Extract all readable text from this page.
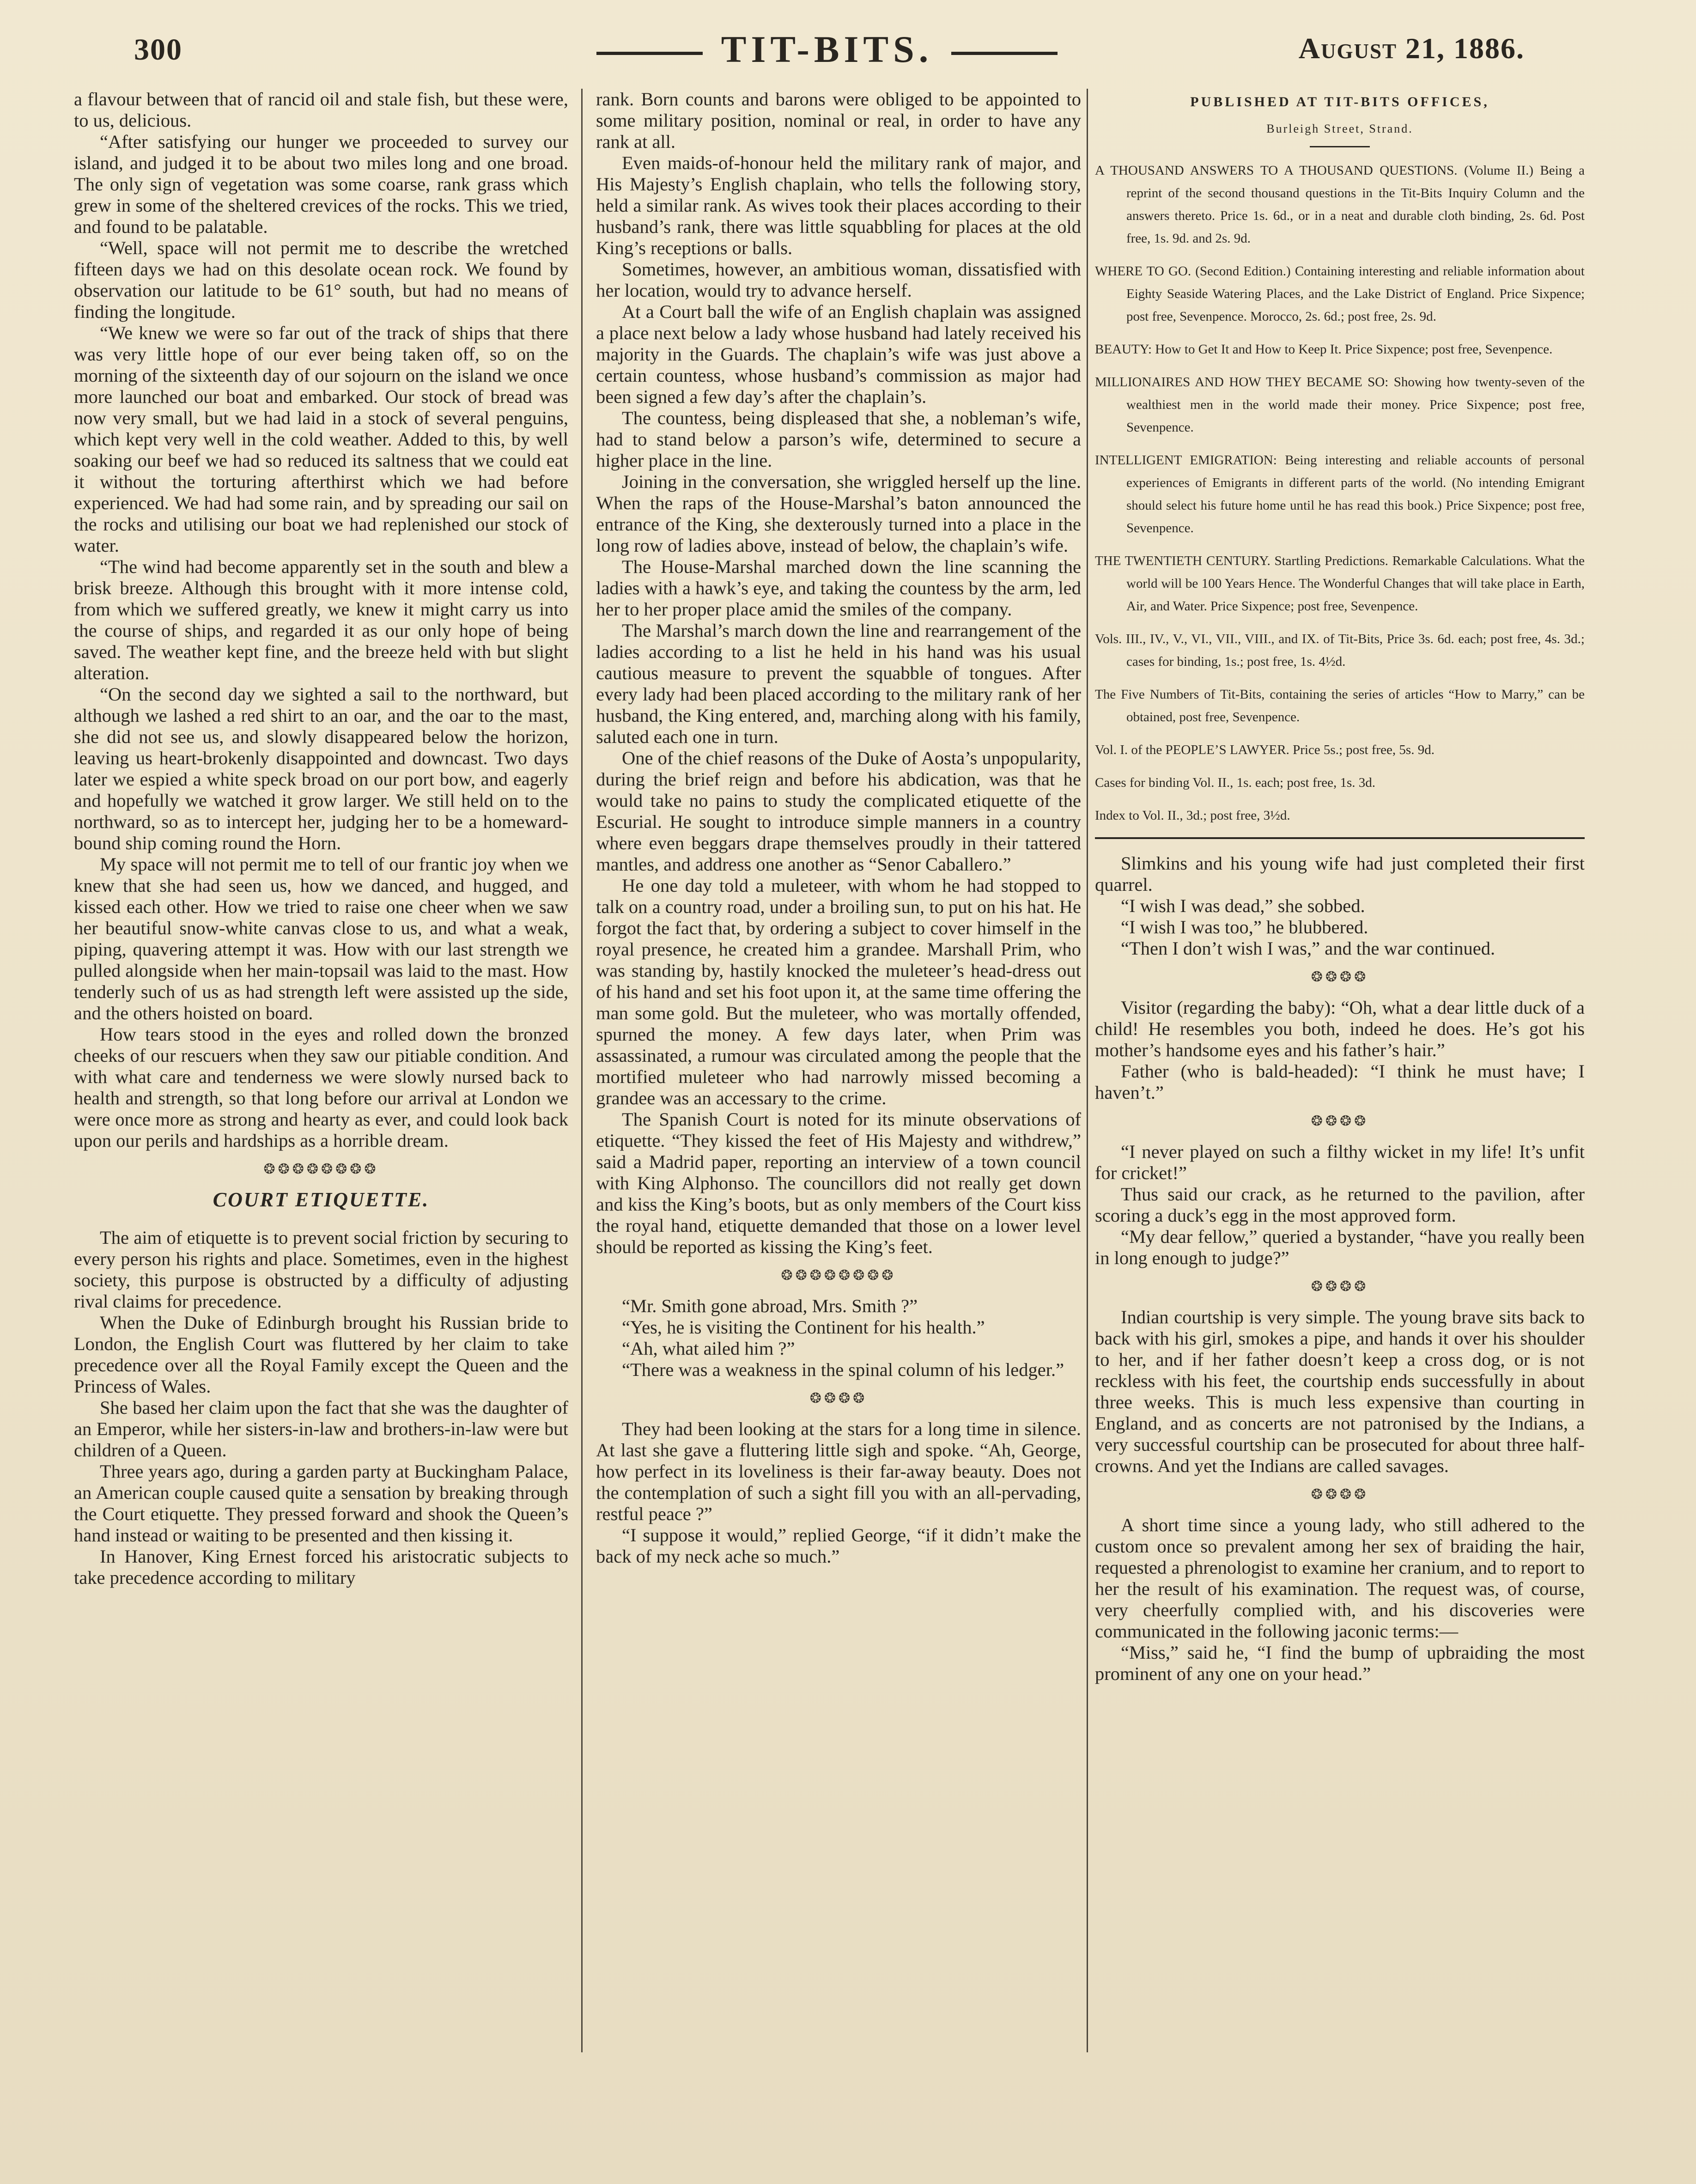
300	TIT-BITS.	August 21, 1886.

a flavour between that of rancid oil and stale fish, but these were, to us, delicious.

“After satisfying our hunger we proceeded to survey our island, and judged it to be about two miles long and one broad. The only sign of vegetation was some coarse, rank grass which grew in some of the sheltered crevices of the rocks. This we tried, and found to be palatable.

“Well, space will not permit me to describe the wretched fifteen days we had on this desolate ocean rock. We found by observation our latitude to be 61° south, but had no means of finding the longitude.

“We knew we were so far out of the track of ships that there was very little hope of our ever being taken off, so on the morning of the sixteenth day of our sojourn on the island we once more launched our boat and embarked. Our stock of bread was now very small, but we had laid in a stock of several penguins, which kept very well in the cold weather. Added to this, by well soaking our beef we had so reduced its saltness that we could eat it without the torturing afterthirst which we had before experienced. We had had some rain, and by spreading our sail on the rocks and utilising our boat we had replenished our stock of water.

“The wind had become apparently set in the south and blew a brisk breeze. Although this brought with it more intense cold, from which we suffered greatly, we knew it might carry us into the course of ships, and regarded it as our only hope of being saved. The weather kept fine, and the breeze held with but slight alteration.

“On the second day we sighted a sail to the northward, but although we lashed a red shirt to an oar, and the oar to the mast, she did not see us, and slowly disappeared below the horizon, leaving us heart-brokenly disappointed and downcast. Two days later we espied a white speck broad on our port bow, and eagerly and hopefully we watched it grow larger. We still held on to the northward, so as to intercept her, judging her to be a homeward-bound ship coming round the Horn.

My space will not permit me to tell of our frantic joy when we knew that she had seen us, how we danced, and hugged, and kissed each other. How we tried to raise one cheer when we saw her beautiful snow-white canvas close to us, and what a weak, piping, quavering attempt it was. How with our last strength we pulled alongside when her main-topsail was laid to the mast. How tenderly such of us as had strength left were assisted up the side, and the others hoisted on board.

How tears stood in the eyes and rolled down the bronzed cheeks of our rescuers when they saw our pitiable condition. And with what care and tenderness we were slowly nursed back to health and strength, so that long before our arrival at London we were once more as strong and hearty as ever, and could look back upon our perils and hardships as a horrible dream.

❂❂❂❂❂❂❂❂
COURT ETIQUETTE.

The aim of etiquette is to prevent social friction by securing to every person his rights and place. Sometimes, even in the highest society, this purpose is obstructed by a difficulty of adjusting rival claims for precedence.

When the Duke of Edinburgh brought his Russian bride to London, the English Court was fluttered by her claim to take precedence over all the Royal Family except the Queen and the Princess of Wales.

She based her claim upon the fact that she was the daughter of an Emperor, while her sisters-in-law and brothers-in-law were but children of a Queen.

Three years ago, during a garden party at Buckingham Palace, an American couple caused quite a sensation by breaking through the Court etiquette. They pressed forward and shook the Queen’s hand instead or waiting to be presented and then kissing it.

In Hanover, King Ernest forced his aristocratic subjects to take precedence according to military

rank. Born counts and barons were obliged to be appointed to some military position, nominal or real, in order to have any rank at all.

Even maids-of-honour held the military rank of major, and His Majesty’s English chaplain, who tells the following story, held a similar rank. As wives took their places according to their husband’s rank, there was little squabbling for places at the old King’s receptions or balls.

Sometimes, however, an ambitious woman, dissatisfied with her location, would try to advance herself.

At a Court ball the wife of an English chaplain was assigned a place next below a lady whose husband had lately received his majority in the Guards. The chaplain’s wife was just above a certain countess, whose husband’s commission as major had been signed a few day’s after the chaplain’s.

The countess, being displeased that she, a nobleman’s wife, had to stand below a parson’s wife, determined to secure a higher place in the line.

Joining in the conversation, she wriggled herself up the line. When the raps of the House-Marshal’s baton announced the entrance of the King, she dexterously turned into a place in the long row of ladies above, instead of below, the chaplain’s wife.

The House-Marshal marched down the line scanning the ladies with a hawk’s eye, and taking the countess by the arm, led her to her proper place amid the smiles of the company.

The Marshal’s march down the line and rearrangement of the ladies according to a list he held in his hand was his usual cautious measure to prevent the squabble of tongues. After every lady had been placed according to the military rank of her husband, the King entered, and, marching along with his family, saluted each one in turn.

One of the chief reasons of the Duke of Aosta’s unpopularity, during the brief reign and before his abdication, was that he would take no pains to study the complicated etiquette of the Escurial. He sought to introduce simple manners in a country where even beggars drape themselves proudly in their tattered mantles, and address one another as “Senor Caballero.”

He one day told a muleteer, with whom he had stopped to talk on a country road, under a broiling sun, to put on his hat. He forgot the fact that, by ordering a subject to cover himself in the royal presence, he created him a grandee. Marshall Prim, who was standing by, hastily knocked the muleteer’s head-dress out of his hand and set his foot upon it, at the same time offering the man some gold. But the muleteer, who was mortally offended, spurned the money. A few days later, when Prim was assassinated, a rumour was circulated among the people that the mortified muleteer who had narrowly missed becoming a grandee was an accessary to the crime.

The Spanish Court is noted for its minute observations of etiquette. “They kissed the feet of His Majesty and withdrew,” said a Madrid paper, reporting an interview of a town council with King Alphonso. The councillors did not really get down and kiss the King’s boots, but as only members of the Court kiss the royal hand, etiquette demanded that those on a lower level should be reported as kissing the King’s feet.

❂❂❂❂❂❂❂❂

“Mr. Smith gone abroad, Mrs. Smith ?”

“Yes, he is visiting the Continent for his health.”

“Ah, what ailed him ?”

“There was a weakness in the spinal column of his ledger.”

❂❂❂❂

They had been looking at the stars for a long time in silence. At last she gave a fluttering little sigh and spoke. “Ah, George, how perfect in its loveliness is their far-away beauty. Does not the contemplation of such a sight fill you with an all-pervading, restful peace ?”

“I suppose it would,” replied George, “if it didn’t make the back of my neck ache so much.”

PUBLISHED AT TIT-BITS OFFICES,
Burleigh Street, Strand.
A THOUSAND ANSWERS TO A THOUSAND QUESTIONS. (Volume II.) Being a reprint of the second thousand questions in the Tit-Bits Inquiry Column and the answers thereto. Price 1s. 6d., or in a neat and durable cloth binding, 2s. 6d. Post free, 1s. 9d. and 2s. 9d.
WHERE TO GO. (Second Edition.) Containing interesting and reliable information about Eighty Seaside Watering Places, and the Lake District of England. Price Sixpence; post free, Sevenpence. Morocco, 2s. 6d.; post free, 2s. 9d.
BEAUTY: How to Get It and How to Keep It. Price Sixpence; post free, Sevenpence.
MILLIONAIRES AND HOW THEY BECAME SO: Showing how twenty-seven of the wealthiest men in the world made their money. Price Sixpence; post free, Sevenpence.
INTELLIGENT EMIGRATION: Being interesting and reliable accounts of personal experiences of Emigrants in different parts of the world. (No intending Emigrant should select his future home until he has read this book.) Price Sixpence; post free, Sevenpence.
THE TWENTIETH CENTURY. Startling Predictions. Remarkable Calculations. What the world will be 100 Years Hence. The Wonderful Changes that will take place in Earth, Air, and Water. Price Sixpence; post free, Sevenpence.
Vols. III., IV., V., VI., VII., VIII., and IX. of Tit-Bits, Price 3s. 6d. each; post free, 4s. 3d.; cases for binding, 1s.; post free, 1s. 4½d.
The Five Numbers of Tit-Bits, containing the series of articles “How to Marry,” can be obtained, post free, Sevenpence.
Vol. I. of the PEOPLE’S LAWYER. Price 5s.; post free, 5s. 9d.
Cases for binding Vol. II., 1s. each; post free, 1s. 3d.
Index to Vol. II., 3d.; post free, 3½d.

Slimkins and his young wife had just completed their first quarrel.

“I wish I was dead,” she sobbed.

“I wish I was too,” he blubbered.

“Then I don’t wish I was,” and the war continued.

❂❂❂❂

Visitor (regarding the baby): “Oh, what a dear little duck of a child! He resembles you both, indeed he does. He’s got his mother’s handsome eyes and his father’s hair.”

Father (who is bald-headed): “I think he must have; I haven’t.”

❂❂❂❂

“I never played on such a filthy wicket in my life! It’s unfit for cricket!”

Thus said our crack, as he returned to the pavilion, after scoring a duck’s egg in the most approved form.

“My dear fellow,” queried a bystander, “have you really been in long enough to judge?”

❂❂❂❂

Indian courtship is very simple. The young brave sits back to back with his girl, smokes a pipe, and hands it over his shoulder to her, and if her father doesn’t keep a cross dog, or is not reckless with his feet, the courtship ends successfully in about three weeks. This is much less expensive than courting in England, and as concerts are not patronised by the Indians, a very successful courtship can be prosecuted for about three half-crowns. And yet the Indians are called savages.

❂❂❂❂

A short time since a young lady, who still adhered to the custom once so prevalent among her sex of braiding the hair, requested a phrenologist to examine her cranium, and to report to her the result of his examination. The request was, of course, very cheerfully complied with, and his discoveries were communicated in the following jaconic terms:—

“Miss,” said he, “I find the bump of upbraiding the most prominent of any one on your head.”
